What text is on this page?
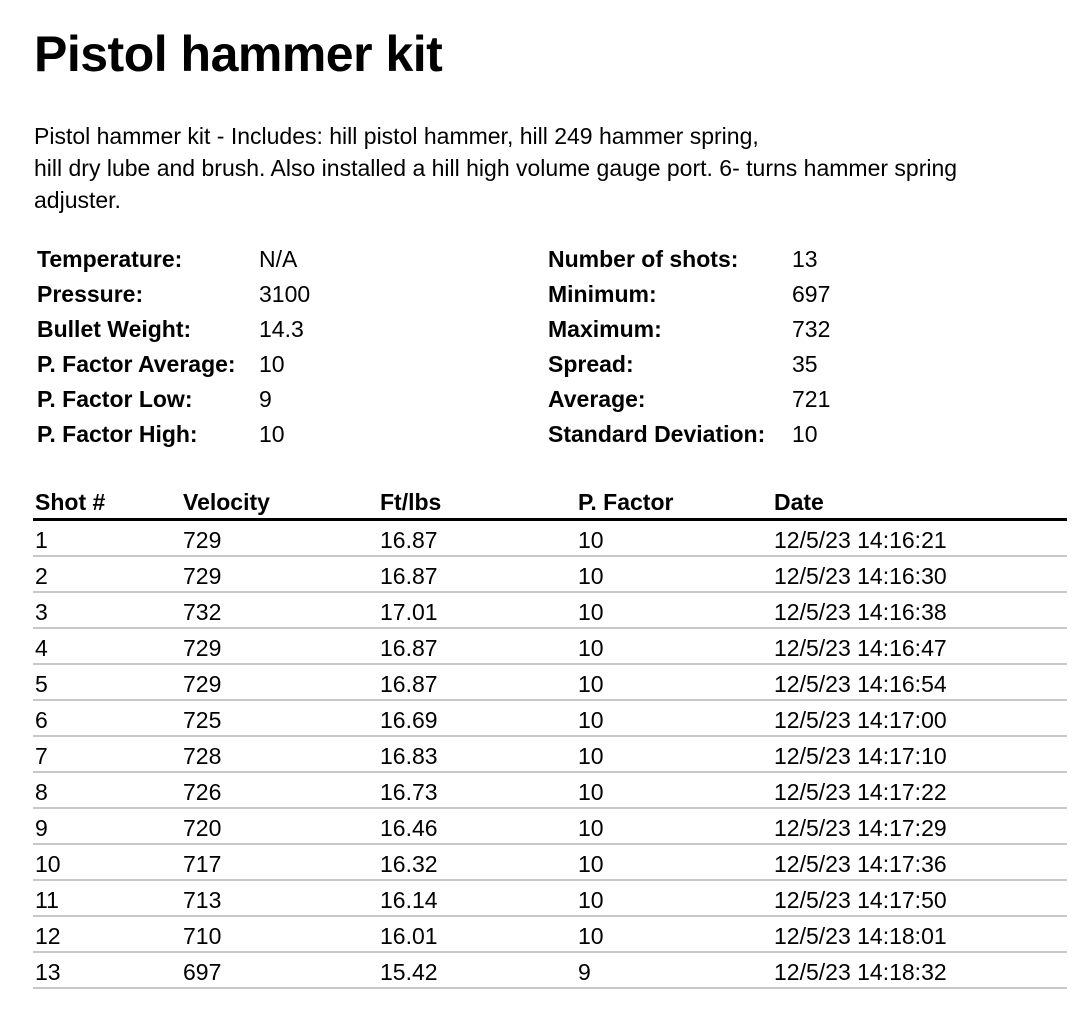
Pistol hammer kit

Pistol hammer kit - Includes: hill pistol hammer, hill 249 hammer spring,
hill dry lube and brush. Also installed a hill high volume gauge port. 6- turns hammer spring
adjuster.

Temperature:	N/A
Pressure:	3100
Bullet Weight:	14.3
P. Factor Average: 10
P. Factor Low:	9
P. Factor High:	10
Number of shots: 13
Minimum:	697
Maximum:	732
Spread:	35
Average:	721
Standard Deviation: 10
Shot #	Velocity	Ft/lbs	P. Factor	Date
1	729	16.87	10	12/5/23 14:16:21
2	729	16.87	10	12/5/23 14:16:30
3	732	17.01	10	12/5/23 14:16:38
4	729	16.87	10	12/5/23 14:16:47
5	729	16.87	10	12/5/23 14:16:54
6	725	16.69	10	12/5/23 14:17:00
7	728	16.83	10	12/5/23 14:17:10
8	726	16.73	10	12/5/23 14:17:22
9	720	16.46	10	12/5/23 14:17:29
10	717	16.32	10	12/5/23 14:17:36
11	713	16.14	10	12/5/23 14:17:50
12	710	16.01	10	12/5/23 14:18:01
13	697	15.42	9	12/5/23 14:18:32
